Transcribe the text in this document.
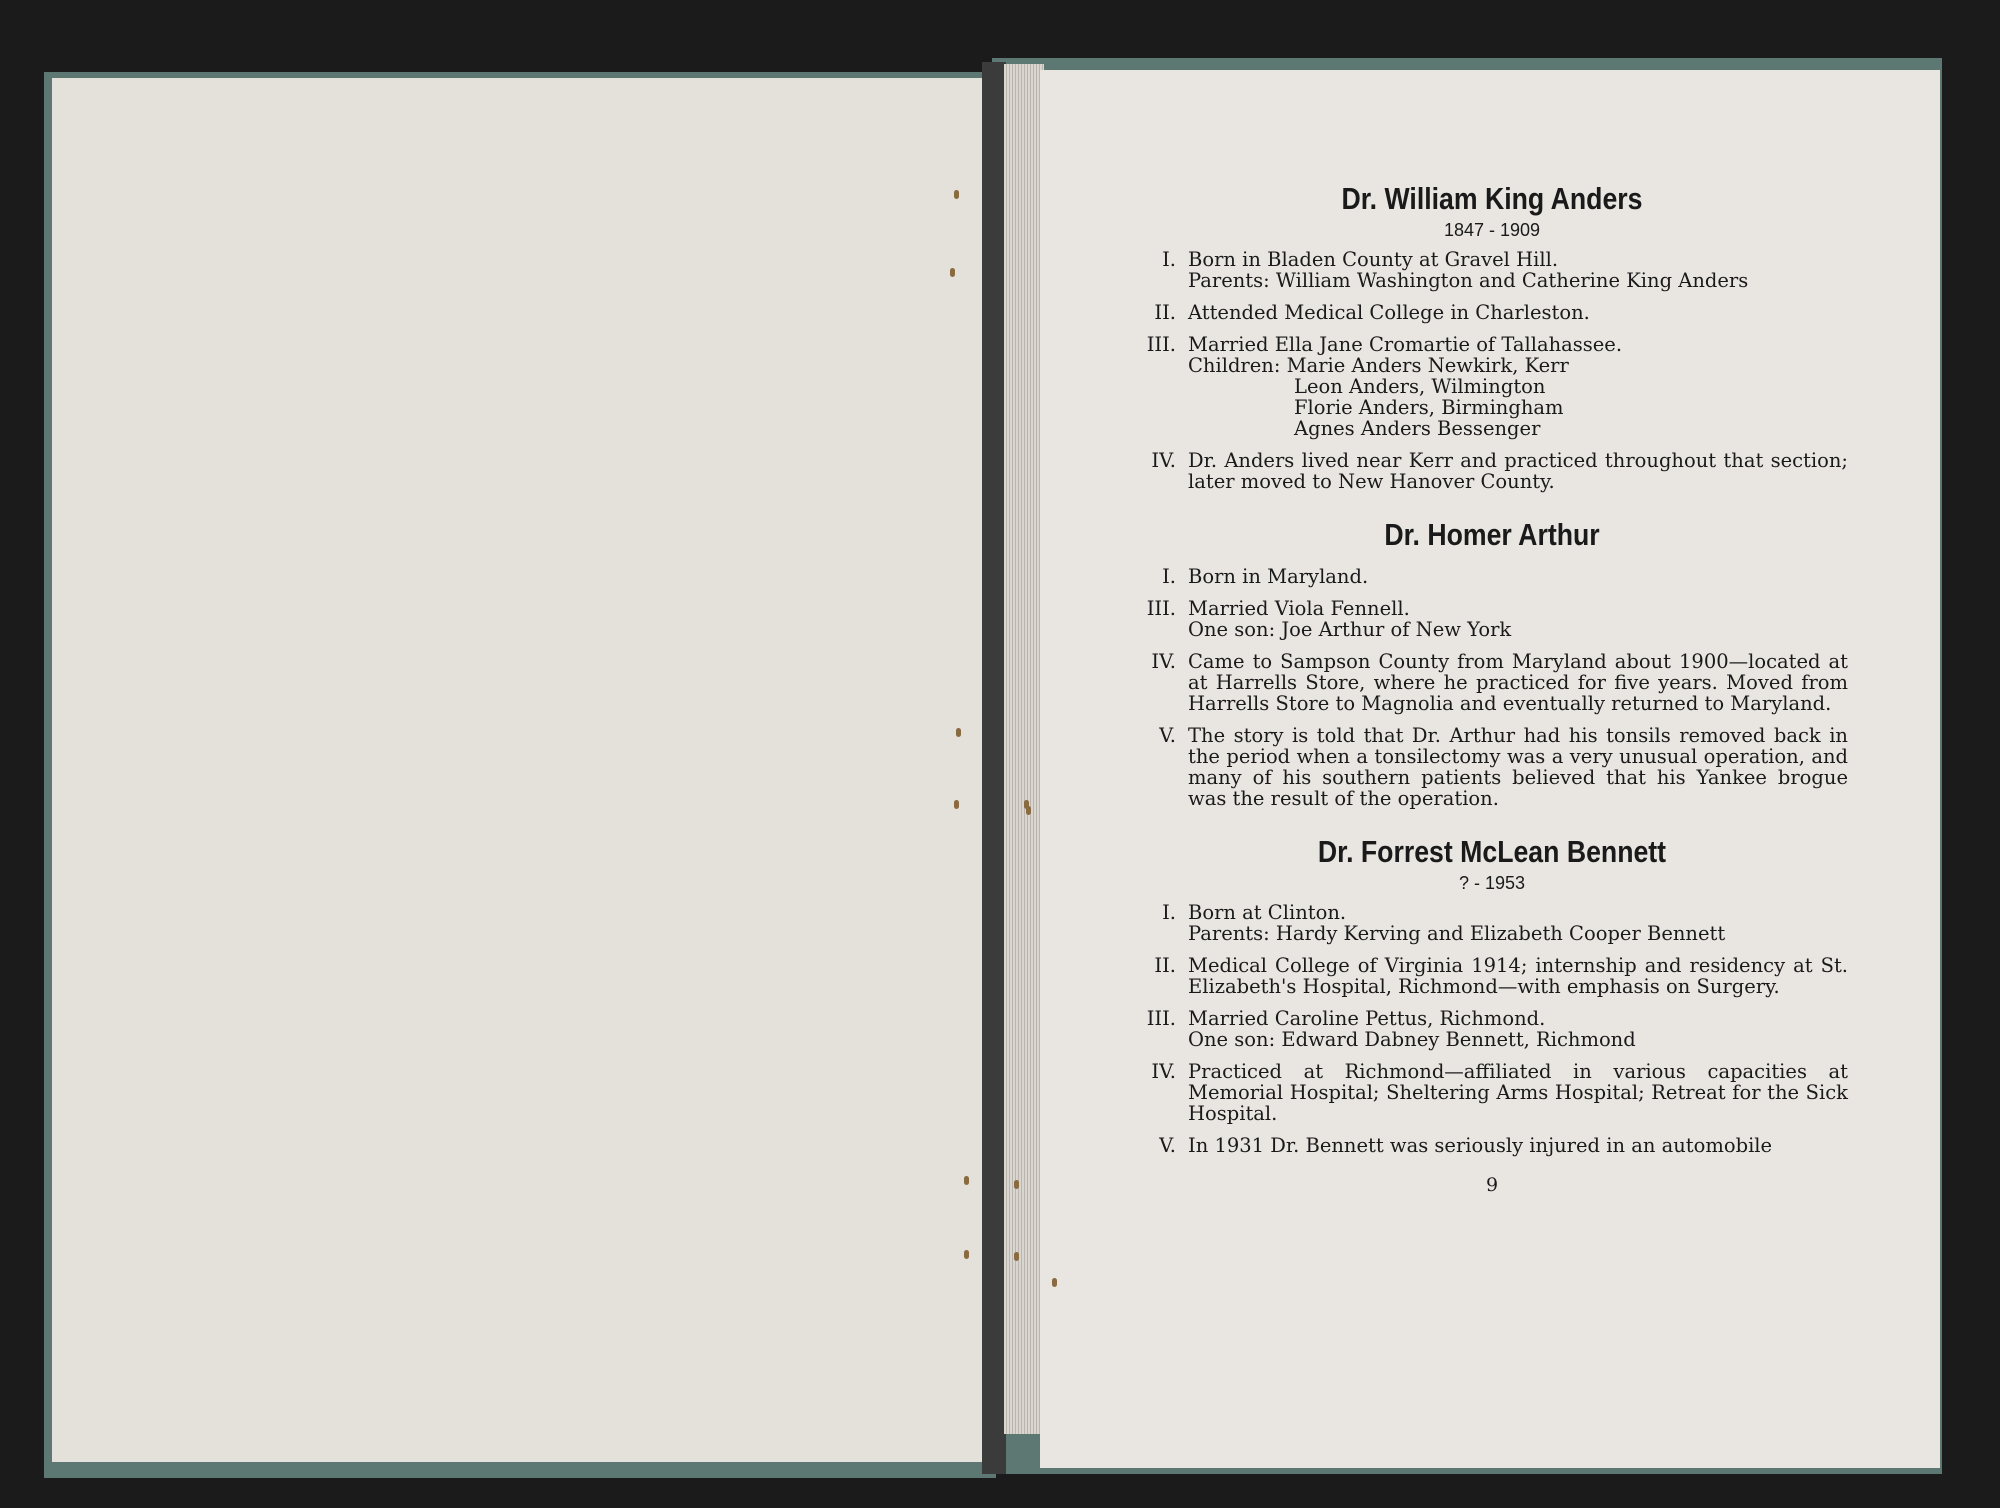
Dr. William King Anders
1847 - 1909
I. Born in Bladen County at Gravel Hill.
Parents: William Washington and Catherine King Anders
II. Attended Medical College in Charleston.
III. Married Ella Jane Cromartie of Tallahassee.
Children: Marie Anders Newkirk, Kerr
Leon Anders, Wilmington
Florie Anders, Birmingham
Agnes Anders Bessenger
IV. Dr. Anders lived near Kerr and practiced throughout that section; later moved to New Hanover County.
Dr. Homer Arthur
I. Born in Maryland.
III. Married Viola Fennell.
One son: Joe Arthur of New York
IV. Came to Sampson County from Maryland about 1900—located at at Harrells Store, where he practiced for five years. Moved from Harrells Store to Magnolia and eventually returned to Maryland.
V. The story is told that Dr. Arthur had his tonsils removed back in the period when a tonsilectomy was a very unusual operation, and many of his southern patients believed that his Yankee brogue was the result of the operation.
Dr. Forrest McLean Bennett
? - 1953
I. Born at Clinton.
Parents: Hardy Kerving and Elizabeth Cooper Bennett
II. Medical College of Virginia 1914; internship and residency at St. Elizabeth's Hospital, Richmond—with emphasis on Surgery.
III. Married Caroline Pettus, Richmond.
One son: Edward Dabney Bennett, Richmond
IV. Practiced at Richmond—affiliated in various capacities at Memorial Hospital; Sheltering Arms Hospital; Retreat for the Sick Hospital.
V. In 1931 Dr. Bennett was seriously injured in an automobile
9
